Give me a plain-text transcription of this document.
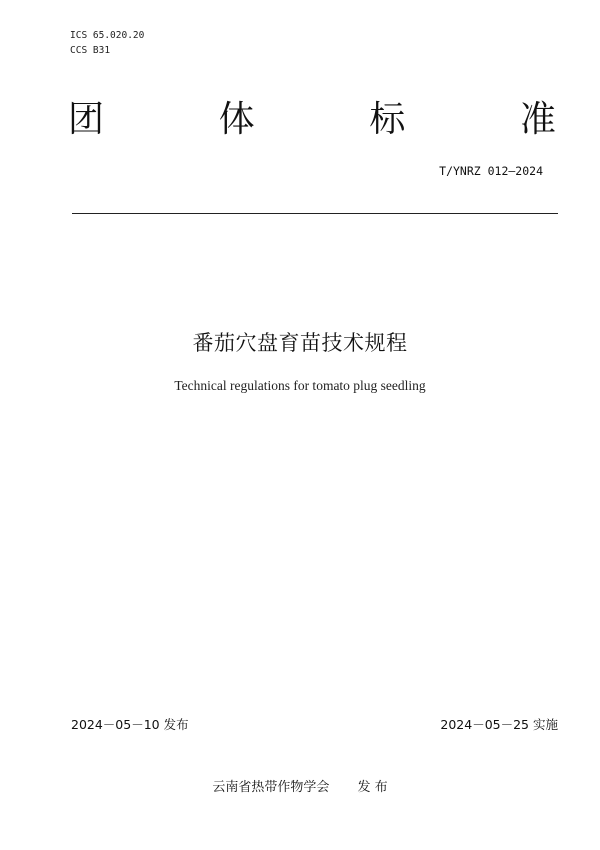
ICS 65.020.20
CCS B31
团	体	标	准
T/YNRZ 012—2024
番茄穴盘育苗技术规程
Technical regulations for tomato plug seedling
2024－05－10 发布	2024－05－25 实施
云南省热带作物学会 发 布
